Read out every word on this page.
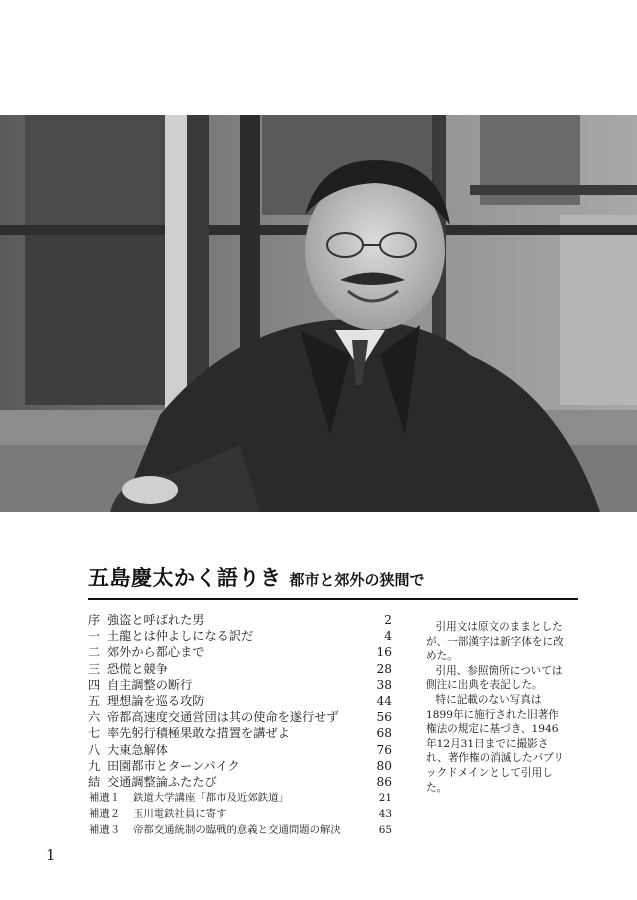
五島慶太かく語りき 都市と郊外の狭間で
序 強盗と呼ばれた男	2
一 土龍とは仲よしになる訳だ	4
二 郊外から都心まで	16
三 恐慌と競争	28
四 自主調整の断行	38
五 理想論を巡る攻防	44
六 帝都高速度交通営団は其の使命を遂行せず	56
七 率先躬行積極果敢な措置を講ぜよ	68
八 大東急解体	76
九 田園都市とターンパイク	80
結 交通調整論ふたたび	86
補遺１	鉄道大学講座「都市及近郊鉄道」	21
補遺２	玉川電鉄社員に寄す	43
補遺３	帝都交通統制の臨戦的意義と交通問題の解決	65

引用文は原文のままとしたが、一部漢字は新字体をに改めた。

引用、参照箇所については側注に出典を表記した。

特に記載のない写真は1899年に施行された旧著作権法の規定に基づき、1946年12月31日までに撮影され、著作権の消滅したパブリックドメインとして引用した。

1
